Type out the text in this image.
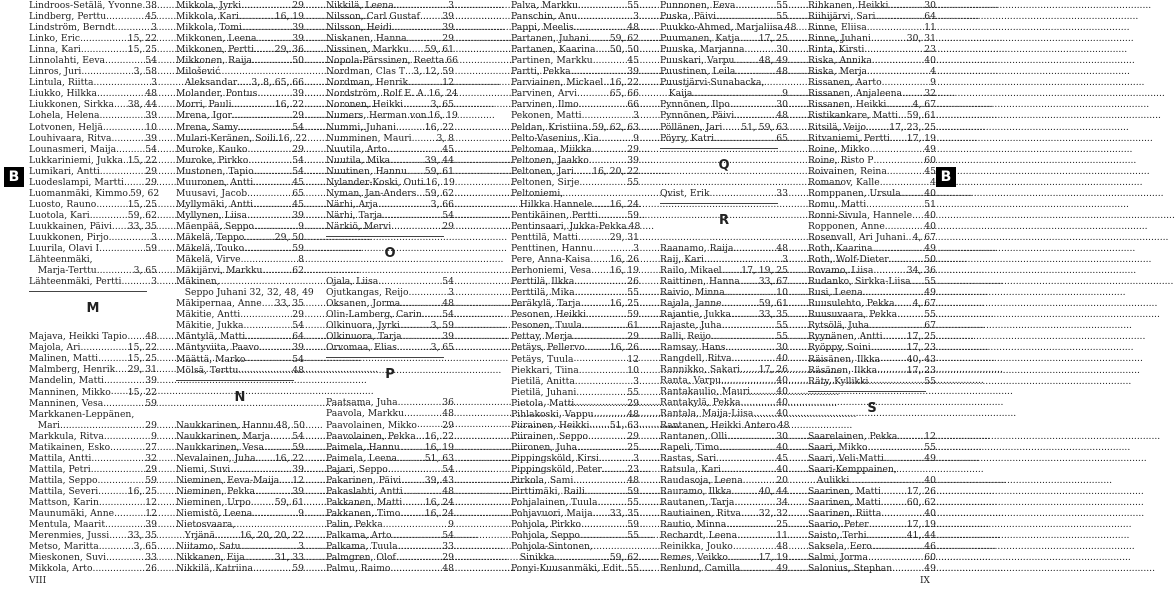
Lindroos-Setälä, Yvonne ..... 38
Lindberg, Perttu .....	45
Lindström, Berndt .....	3
Linko, Eric .....	15, 22
Linna, Kari .....	15, 25
Linnolahti, Eeva .....	54
Linros, Juri .....	3, 58
Lintula, Riitta .....	3
Liukko, Hilkka .....	48
Liukkonen, Sirkka ..... 38, 44
Lohela, Helena .....	39
Lotvonen, Heljä .....	10
Louhivaara, Ritva .....	39
Lounasmeri, Maija .....	54
Lukkariniemi, Jukka ..... 15, 22
Lumikari, Antti .....	29
Luodeslampi, Martti ..... 29
Luomanmäki, Kimmo ..... 59, 62
Luosto, Rauno .....	15, 25
Luotola, Kari .....	59, 62
Luukkainen, Päivi ..... 33, 35
Luukkonen, Pirjo .....	3
Luurila, Olavi I .....	59
Lähteenmäki,
Marja-Terttu .....	3, 65
Lähteenmäki, Pertti .....	3
M
Majava, Heikki Tapio ..... 48
Majola, Ari .....	15, 22
Malinen, Matti .....	15, 25
Malmberg, Henrik ..... 29, 31
Mandelin, Matti .....	39
Manninen, Mikko ..... 15, 22
Manninen, Vesa .....	59
Markkanen-Leppänen,
Mari .....	29
Markkula, Ritva .....	9
Matikainen, Esko .....	27
Mattila, Antti .....	32
Mattila, Petri .....	29
Mattila, Seppo .....	59
Mattila, Severi .....	16, 25
Mattson, Karin .....	12
Maunumäki, Anne .....	12
Mentula, Maarit .....	39
Merenmies, Jussi ..... 33, 35
Metso, Maritta .....	3, 65
Mieskonen, Suvi .....	33
Mikkola, Arto .....	26
Mikkola, Jyrki .....	29
Mikkola, Kari .....	16, 19
Mikkola, Tomi .....	39
Mikkonen, Leena .....	39
Mikkonen, Pertti ..... 29, 36
Mikkonen, Raija .....	50
Milošević
Aleksandar ..... 3, 8, 65, 66
Molander, Pontus .....	39
Morri, Pauli .....	16, 22
Mrena, Igor .....	29
Mrena, Samy .....	54
Mulari-Keränen, Soili ..... 16, 22
Muroke, Kauko .....	29
Muroke, Pirkko .....	54
Mustonen, Tapio .....	54
Muuronen, Antti .....	45
Muusavi, Jacob .....	65
Myllymäki, Antti .....	45
Myllynen, Liisa .....	39
Mäenpää, Seppo .....	9
Mäkelä, Teppo .....	29, 50
Mäkelä, Touko .....	59
Mäkelä, Virve .....	8
Mäkijärvi, Markku .....	62
Mäkinen,
Seppo Juhani 32, 32, 48, 49
Mäkipernaa, Anne ..... 33, 35
Mäkitie, Antti .....	29
Mäkitie, Jukka .....	54
Mäntylä, Matti .....	64
Mäntyviita, Paavo .....	39
Määttä, Marko .....	54
Mölsä, Terttu .....	48
N
Naukkarinen, Hannu ..... 48, 50
Naukkarinen, Marja ..... 54
Naukkarinen, Vesa .....	59
Nevalainen, Juha ..... 16, 22
Niemi, Suvi .....	39
Nieminen, Eeva-Maija ..... 12
Nieminen, Pekka .....	39
Nieminen, Urpo .....	59, 61
Niemistö, Leena .....	9
Nietosvaara,
Yrjänä .....	16, 20, 20, 22
Niitamo, Satu .....	3
Nikkanen, Eija .....	31, 33
Nikkilä, Katriina .....	59
Nikkilä, Leena .....	3
Nilsson, Carl Gustaf ..... 39
Nilsson, Heidi .....	39
Niskanen, Hanna .....	29
Nissinen, Markku ..... 59, 61
Nopola-Pärssinen, Reetta ..... 66
Nordman, Clas T ..... 3, 12, 59
Nordman, Henrik .....	12
Nordström, Rolf E. A. ..... 16, 24
Noronen, Heikki .....	3, 65
Numers, Herman von ..... 16, 19
Nummi, Juhani .....	16, 22
Numminen, Mauri .....	3, 8
Nuutila, Arto .....	45
Nuutila, Mika .....	39, 44
Nuutinen, Hannu ..... 59, 61
Nylander-Koski, Outi ..... 16, 19
Nyman, Jan-Anders ..... 59, 62
Närhi, Arja .....	3, 66
Närhi, Tarja .....	54
Närkiö, Mervi .....	29
O
Ojala, Liisa .....	54
Ojutkangas, Reijo .....	3
Oksanen, Jorma .....	48
Olin-Lamberg, Carin ..... 54
Olkinuora, Jyrki .....	3, 59
Olkinuora, Tarja .....	39
Orvomaa, Elias .....	3, 65
P
Paatsama, Juha .....	36
Paavola, Markku .....	48
Paavolainen, Mikko .....	29
Paavolainen, Pekka ..... 16, 22
Paimela, Hannu .....	16, 19
Paimela, Leena .....	51, 63
Pajari, Seppo .....	54
Pakarinen, Päivi .....	39, 43
Pakaslahti, Antti .....	48
Pakkanen, Matti ..... 16, 24
Pakkanen, Timo .....	16, 24
Palin, Pekka .....	9
Palkama, Arto .....	54
Palkama, Tuula .....	33
Palmgren, Olof .....	29
Palmu, Raimo .....	48
Palva, Markku .....	55
Panschin, Anu .....	3
Pappi, Meelis .....	48
Partanen, Juhani ..... 59, 62
Partanen, Kaarina ..... 50, 50
Partinen, Markku .....	45
Partti, Pekka .....	39
Parviainen, Mickael ..... 16, 22
Parvinen, Arvi .....	65, 66
Parvinen, Ilmo .....	66
Pekonen, Matti .....	3
Peldan, Kristiina ..... 59, 62, 63
Pelto-Vasenius, Kia .....	9
Peltomaa, Miikka .....	29
Peltonen, Jaakko .....	39
Peltonen, Jari ..... 16, 20, 22
Peltonen, Sirje .....	55
Peltoniemi,
Hilkka Hannele ..... 16, 24
Pentikäinen, Pertti .....	59
Pentinsaari, Jukka-Pekka ..... 48
Penttilä, Matti .....	29, 31
Penttinen, Hannu .....	3
Pere, Anna-Kaisa ..... 16, 26
Perhoniemi, Vesa ..... 16, 19
Perttilä, Ilkka .....	26
Perttilä, Mika .....	55
Peräkylä, Tarja .....	16, 25
Pesonen, Heikki .....	59
Pesonen, Tuula .....	61
Pettay, Merja .....	29
Petäys, Pellervo .....	16, 26
Petäys, Tuula .....	12
Piekkari, Tiina .....	10
Pietilä, Anitta .....	3
Pietilä, Juhani .....	55
Pietola, Matti .....	29
Pihlakoski, Vappu .....	48
Piirainen, Heikki ..... 51, 63
Piirainen, Seppo .....	29
Piironen, Juha .....	25
Pippingsköld, Kirsi .....	3
Pippingsköld, Peter .....	23
Pirkola, Sami .....	48
Pirttimäki, Raili .....	59
Pohjalainen, Tuula .....	55
Pohjavuori, Maija ..... 33, 35
Pohjola, Pirkko .....	59
Pohjola, Seppo .....	55
Pohjola-Sintonen,
Sinikka .....	59, 62
Ponyi-Kuusanmäki, Edit ..... 55
Punnonen, Eeva .....	55
Puska, Päivi .....	55
Puukko-Ahmed, Marjaliisa ..... 48
Puumanen, Katja ..... 17, 25
Puuska, Marjanna .....	30
Puuskari, Varpu .....	48, 49
Puustinen, Leila .....	48
Puustjärvi-Sunabacka,
Kaija .....	9
Pynnönen, Ilpo .....	30
Pynnönen, Päivi .....	48
Pöllänen, Jari ..... 51, 59, 63
Pöyry, Katri .....	65
Q
Qvist, Erik .....	33
R
Raanamo, Raija .....	48
Raij, Kari .....	3
Railo, Mikael ..... 17, 19, 25
Raittinen, Hanna ..... 33, 67
Raivio, Minna .....	10
Rajala, Janne .....	59, 61
Rajantie, Jukka .....	33, 35
Rajaste, Juha .....	55
Ralli, Reijo .....	55
Ramsay, Hans .....	30
Rangdell, Ritva .....	40
Rannikko, Sakari ..... 17, 26
Ranta, Varpu .....	40
Rantakaulio, Mauri .....	40
Rantakylä, Pekka .....	40
Rantala, Maija-Liisa ..... 40
Rantanen, Heikki Antero ..... 48
Rantanen, Olli .....	30
Rapeli, Timo .....	40
Rastas, Sari .....	45
Ratsula, Kari .....	40
Raudasoja, Leena .....	20
Rauramo, Ilkka .....	40, 44
Rautanen, Tarja .....	34
Rautiainen, Ritva ..... 32, 32
Rautio, Minna .....	25
Rechardt, Leena .....	11
Reinikka, Jouko .....	48
Remes, Veikko .....	17, 19
Renlund, Camilla .....	49
Rihkanen, Heikki .....	30
Riihijärvi, Sari .....	64
Rinne, Eliisa .....	11
Rinne, Juhani .....	30, 31
Rinta, Kirsti .....	23
Riska, Annika .....	40
Riska, Merja .....	4
Rissanen, Aarto .....	9
Rissanen, Anjaleena ..... 32
Rissanen, Heikki .....	4, 67
Ristikankare, Matti ..... 59, 61
Ritsilä, Veijo .....	17, 23, 25
Ritvaniemi, Pertti ..... 17, 19
Roine, Mikko .....	49
Roine, Risto P .....	60
Roivainen, Reina .....	45
Romanov, Kalle .....	4
Romppanen, Ursula .....	40
Romu, Matti .....	51
Ronni-Sivula, Hannele ..... 40
Ropponen, Anne .....	40
Rosenvall, Ari Juhani ..... 4, 67
Roth, Kaarina .....	49
Roth, Wolf-Dieter .....	50
Rovamo, Liisa .....	34, 36
Rudanko, Sirkka-Liisa ..... 55
Rusi, Leena .....	49
Ruusulehto, Pekka ..... 4, 67
Ruusuvaara, Pekka .....	55
Rytsölä, Juha .....	67
Ryynänen, Antti .....	17, 25
Ryöppy, Soini .....	17, 23
Räisänen, Ilkka .....	40, 43
Räsänen, Ilkka .....	17, 23
Räty, Kyllikki .....	55
S
Saarelainen, Pekka .....	12
Saari, Mikko .....	55
Saari, Veli-Matti .....	49
Saari-Kemppainen,
Aulikki .....	40
Saarinen, Matti .....	17, 26
Saarinen, Matti .....	60, 62
Saarinen, Riitta .....	40
Saario, Peter .....	17, 19
Saisto, Terhi .....	41, 44
Saksela, Eero .....	46
Salmi, Jorma .....	60
Salonius, Stephan .....	49
B	B
VIII	IX
